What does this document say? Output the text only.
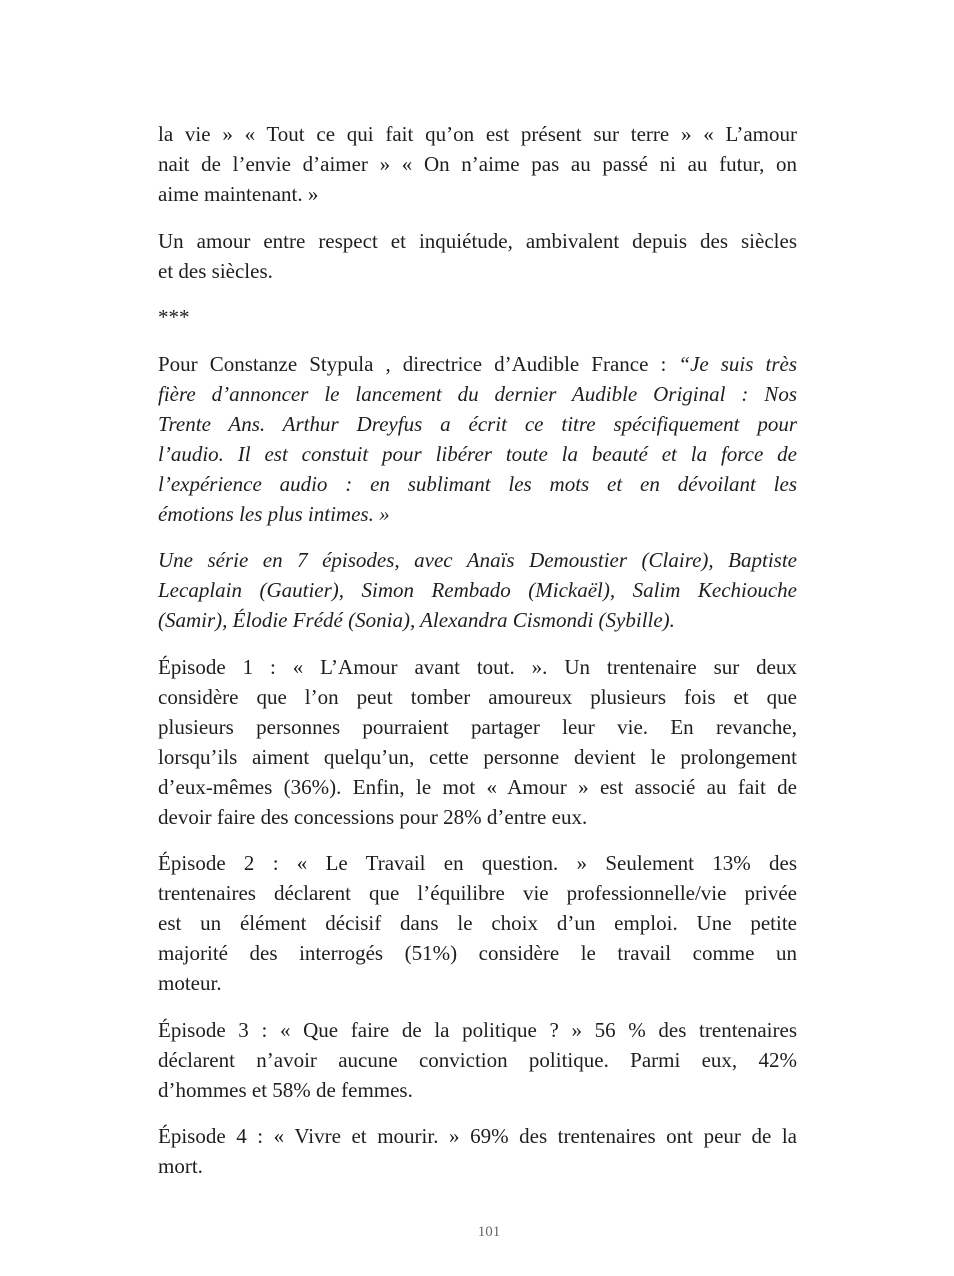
la vie » « Tout ce qui fait qu’on est présent sur terre » « L’amour
nait de l’envie d’aimer » « On n’aime pas au passé ni au futur, on
aime maintenant. »
Un amour entre respect et inquiétude, ambivalent depuis des siècles
et des siècles.
***
Pour Constanze Stypula , directrice d’Audible France : “Je suis très
fière d’annoncer le lancement du dernier Audible Original : Nos
Trente Ans. Arthur Dreyfus a écrit ce titre spécifiquement pour
l’audio. Il est constuit pour libérer toute la beauté et la force de
l’expérience audio : en sublimant les mots et en dévoilant les
émotions les plus intimes. »
Une série en 7 épisodes, avec Anaïs Demoustier (Claire), Baptiste
Lecaplain (Gautier), Simon Rembado (Mickaël), Salim Kechiouche
(Samir), Élodie Frédé (Sonia), Alexandra Cismondi (Sybille).
Épisode 1 : « L’Amour avant tout. ». Un trentenaire sur deux
considère que l’on peut tomber amoureux plusieurs fois et que
plusieurs personnes pourraient partager leur vie. En revanche,
lorsqu’ils aiment quelqu’un, cette personne devient le prolongement
d’eux-mêmes (36%). Enfin, le mot « Amour » est associé au fait de
devoir faire des concessions pour 28% d’entre eux.
Épisode 2 : « Le Travail en question. » Seulement 13% des
trentenaires déclarent que l’équilibre vie professionnelle/vie privée
est un élément décisif dans le choix d’un emploi. Une petite
majorité des interrogés (51%) considère le travail comme un
moteur.
Épisode 3 : « Que faire de la politique ? » 56 % des trentenaires
déclarent n’avoir aucune conviction politique. Parmi eux, 42%
d’hommes et 58% de femmes.
Épisode 4 : « Vivre et mourir. » 69% des trentenaires ont peur de la
mort.
101
